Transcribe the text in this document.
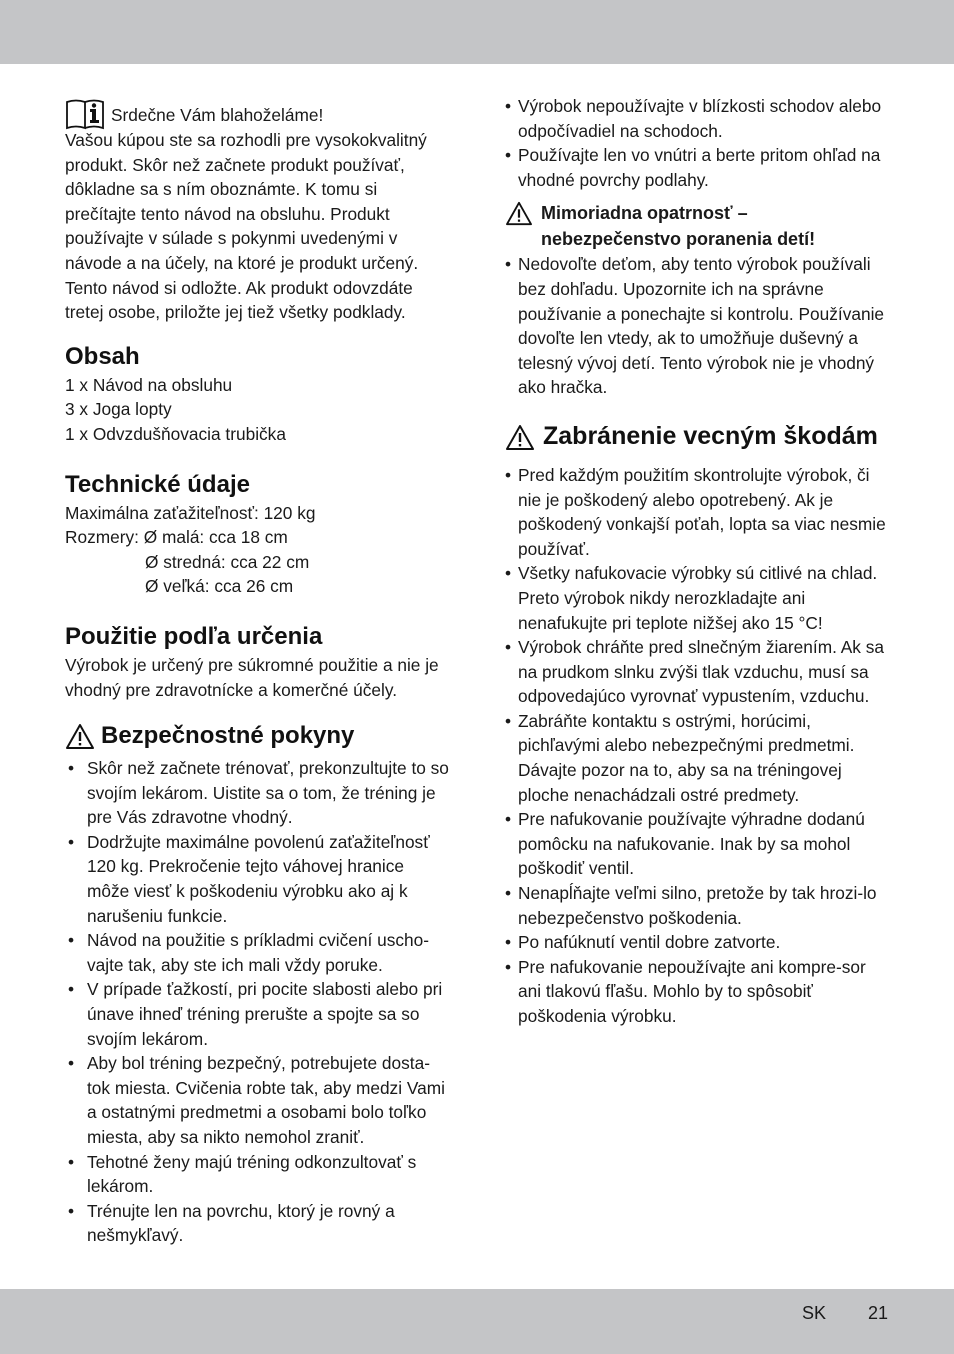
Srdečne Vám blahoželáme!

Vašou kúpou ste sa rozhodli pre vysokokvalitný produkt. Skôr než začnete produkt používať, dôkladne sa s ním oboznámte. K tomu si prečítajte tento návod na obsluhu. Produkt používajte v súlade s pokynmi uvedenými v návode a na účely, na ktoré je produkt určený. Tento návod si odložte. Ak produkt odovzdáte tretej osobe, priložte jej tiež všetky podklady.

Obsah

1 x Návod na obsluhu

3 x Joga lopty

1 x Odvzdušňovacia trubička

Technické údaje

Maximálna zaťažiteľnosť: 120 kg

Rozmery: Ø malá: cca 18 cm

Ø stredná: cca 22 cm

Ø veľká: cca 26 cm

Použitie podľa určenia

Výrobok je určený pre súkromné použitie a nie je vhodný pre zdravotnícke a komerčné účely.

Bezpečnostné pokyny
• Skôr než začnete trénovať, prekonzultujte to so svojím lekárom. Uistite sa o tom, že tréning je pre Vás zdravotne vhodný.
• Dodržujte maximálne povolenú zaťažiteľnosť 120 kg. Prekročenie tejto váhovej hranice môže viesť k poškodeniu výrobku ako aj k narušeniu funkcie.
• Návod na použitie s príkladmi cvičení uscho-vajte tak, aby ste ich mali vždy poruke.
• V prípade ťažkostí, pri pocite slabosti alebo pri únave ihneď tréning prerušte a spojte sa so svojím lekárom.
• Aby bol tréning bezpečný, potrebujete dosta-tok miesta. Cvičenia robte tak, aby medzi Vami a ostatnými predmetmi a osobami bolo toľko miesta, aby sa nikto nemohol zraniť.
• Tehotné ženy majú tréning odkonzultovať s lekárom.
• Trénujte len na povrchu, ktorý je rovný a nešmykľavý.
• Výrobok nepoužívajte v blízkosti schodov alebo odpočívadiel na schodoch.
• Používajte len vo vnútri a berte pritom ohľad na vhodné povrchy podlahy.
Mimoriadna opatrnosť – nebezpečenstvo poranenia detí!
• Nedovoľte deťom, aby tento výrobok používali bez dohľadu. Upozornite ich na správne používanie a ponechajte si kontrolu. Používanie dovoľte len vtedy, ak to umožňuje duševný a telesný vývoj detí. Tento výrobok nie je vhodný ako hračka.
Zabránenie vecným škodám
• Pred každým použitím skontrolujte výrobok, či nie je poškodený alebo opotrebený. Ak je poškodený vonkajší poťah, lopta sa viac nesmie používať.
• Všetky nafukovacie výrobky sú citlivé na chlad. Preto výrobok nikdy nerozkladajte ani nenafukujte pri teplote nižšej ako 15 °C!
• Výrobok chráňte pred slnečným žiarením. Ak sa na prudkom slnku zvýši tlak vzduchu, musí sa odpovedajúco vyrovnať vypustením, vzduchu.
• Zabráňte kontaktu s ostrými, horúcimi, pichľavými alebo nebezpečnými predmetmi. Dávajte pozor na to, aby sa na tréningovej ploche nenachádzali ostré predmety.
• Pre nafukovanie používajte výhradne dodanú pomôcku na nafukovanie. Inak by sa mohol poškodiť ventil.
• Nenapĺňajte veľmi silno, pretože by tak hrozi-lo nebezpečenstvo poškodenia.
• Po nafúknutí ventil dobre zatvorte.
• Pre nafukovanie nepoužívajte ani kompre-sor ani tlakovú fľašu. Mohlo by to spôsobiť poškodenia výrobku.
SK 21
